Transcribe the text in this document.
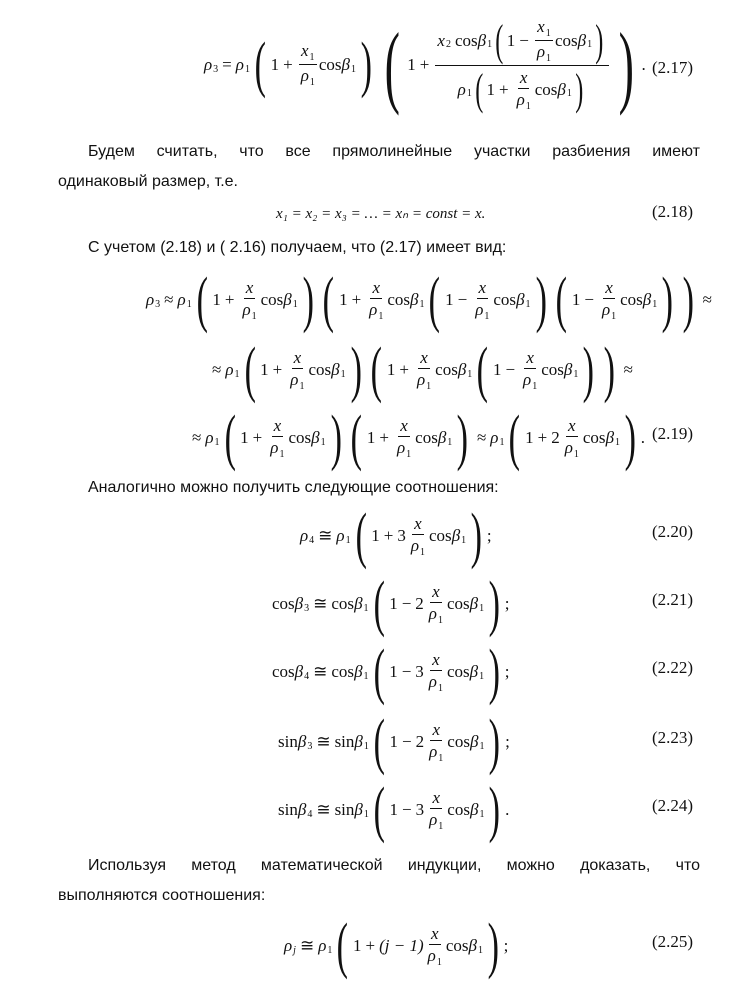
ρ 3 = ρ 1 ( $1 + \frac{x_1}{\rho_1}$ cos β 1 ) ( 1 +
x 2 cos β 1 ( $1 - \frac{x_1}{\rho_1}$ cos β 1 )
ρ 1 ( $1 + \frac{x}{\rho_1}$ cos β 1 ) ) . (2.17)
Будем считать, что все прямолинейные участки разбиения имеют
одинаковый размер, т.е.
x₁ = x₂ = x₃ = … = xₙ = const = x.	(2.18)
С учетом (2.18) и ( 2.16) получаем, что (2.17) имеет вид:
ρ 3 ≈ ρ 1 ( $1 + \frac{x}{\rho_1}$ cos β 1 ) ( $1 + \frac{x}{\rho_1}$ cos β 1 ( $1 - \frac{x}{\rho_1}$ cos β 1 ) ( $1 - \frac{x}{\rho_1}$ cos β 1 ) ) ≈
≈ ρ 1 ( $1 + \frac{x}{\rho_1}$ cos β 1 ) ( $1 + \frac{x}{\rho_1}$ cos β 1 ( $1 - \frac{x}{\rho_1}$ cos β 1 ) ) ≈
≈ ρ 1 ( $1 + \frac{x}{\rho_1}$ cos β 1 ) ( $1 + \frac{x}{\rho_1}$ cos β 1 ) ≈ ρ 1 ( $1 + 2 \frac{x}{\rho_1}$ cos β 1 ) . (2.19)
Аналогично можно получить следующие соотношения:
ρ 4 ≅ ρ 1 ( $1 + 3 \frac{x}{\rho_1}$ cos β 1 ) ;	(2.20)
cos β 3 ≅ cos β 1 ( $1 - 2 \frac{x}{\rho_1}$ cos β 1 ) ;	(2.21)
cos β 4 ≅ cos β 1 ( $1 - 3 \frac{x}{\rho_1}$ cos β 1 ) ;	(2.22)
sin β 3 ≅ sin β 1 ( $1 - 2 \frac{x}{\rho_1}$ cos β 1 ) ;	(2.23)
sin β 4 ≅ sin β 1 ( $1 - 3 \frac{x}{\rho_1}$ cos β 1 ) .	(2.24)
Используя метод математической индукции, можно доказать, что
выполняются соотношения:
ρ j ≅ ρ 1 ( $1 + (j - 1) \frac{x}{\rho_1}$ cos β 1 ) ;	(2.25)
